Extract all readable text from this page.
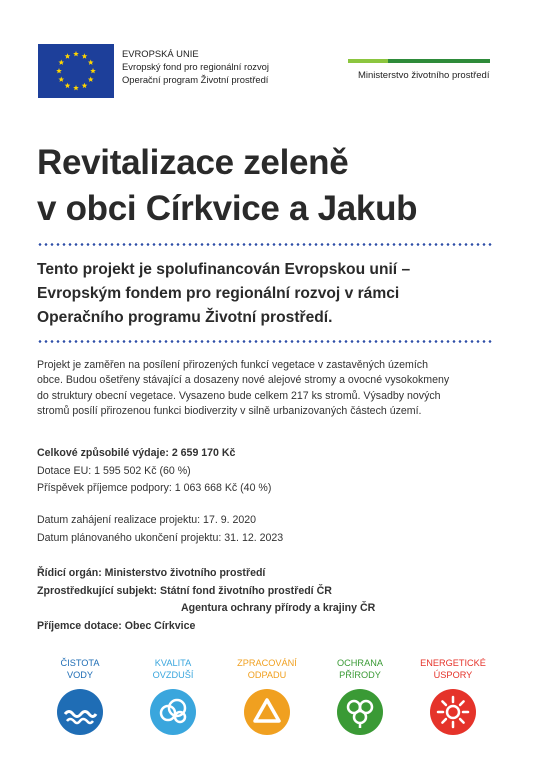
EVROPSKÁ UNIE
Evropský fond pro regionální rozvoj
Operační program Životní prostředí	Ministerstvo životního prostředí
Revitalizace zeleně
v obci Církvice a Jakub
Tento projekt je spolufinancován Evropskou unií –
Evropským fondem pro regionální rozvoj v rámci
Operačního programu Životní prostředí.
Projekt je zaměřen na posílení přirozených funkcí vegetace v zastavěných územích
obce. Budou ošetřeny stávající a dosazeny nové alejové stromy a ovocné vysokokmeny
do struktury obecní vegetace. Vysazeno bude celkem 217 ks stromů. Výsadby nových
stromů posílí přirozenou funkci biodiverzity v silně urbanizovaných částech území.
Celkové způsobilé výdaje: 2 659 170 Kč
Dotace EU: 1 595 502 Kč (60 %)
Příspěvek příjemce podpory: 1 063 668 Kč (40 %)
Datum zahájení realizace projektu: 17. 9. 2020
Datum plánovaného ukončení projektu: 31. 12. 2023
Řídicí orgán: Ministerstvo životního prostředí
Zprostředkující subjekt: Státní fond životního prostředí ČR
Agentura ochrany přírody a krajiny ČR
Příjemce dotace: Obec Církvice
ČISTOTA
VODY
KVALITA
OVZDUŠÍ
ZPRACOVÁNÍ
ODPADU
OCHRANA
PŘÍRODY
ENERGETICKÉ
ÚSPORY
